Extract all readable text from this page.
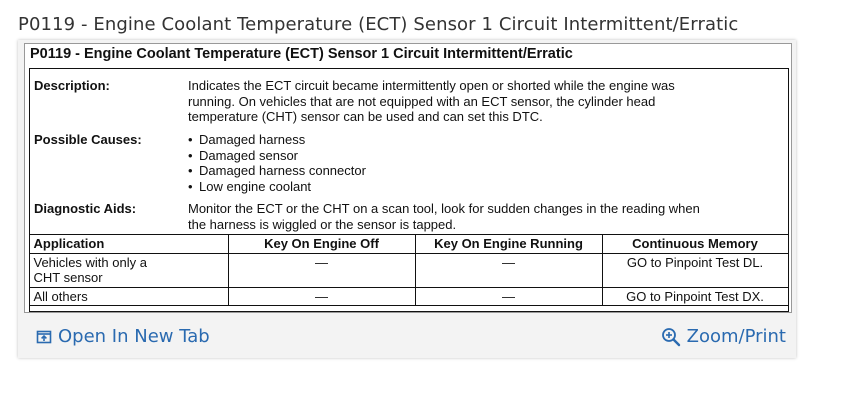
P0119 - Engine Coolant Temperature (ECT) Sensor 1 Circuit Intermittent/Erratic
P0119 - Engine Coolant Temperature (ECT) Sensor 1 Circuit Intermittent/Erratic
Description:	Indicates the ECT circuit became intermittently open or shorted while the engine was
running. On vehicles that are not equipped with an ECT sensor, the cylinder head
temperature (CHT) sensor can be used and can set this DTC.
Possible Causes:	• Damaged harness
• Damaged sensor
• Damaged harness connector
• Low engine coolant
Diagnostic Aids:	Monitor the ECT or the CHT on a scan tool, look for sudden changes in the reading when
the harness is wiggled or the sensor is tapped.
Application	Key On Engine Off	Key On Engine Running	Continuous Memory

Vehicles with only a
CHT sensor	—	—	GO to Pinpoint Test DL.

All others	—	—	GO to Pinpoint Test DX.
Open In New Tab	Zoom/Print
